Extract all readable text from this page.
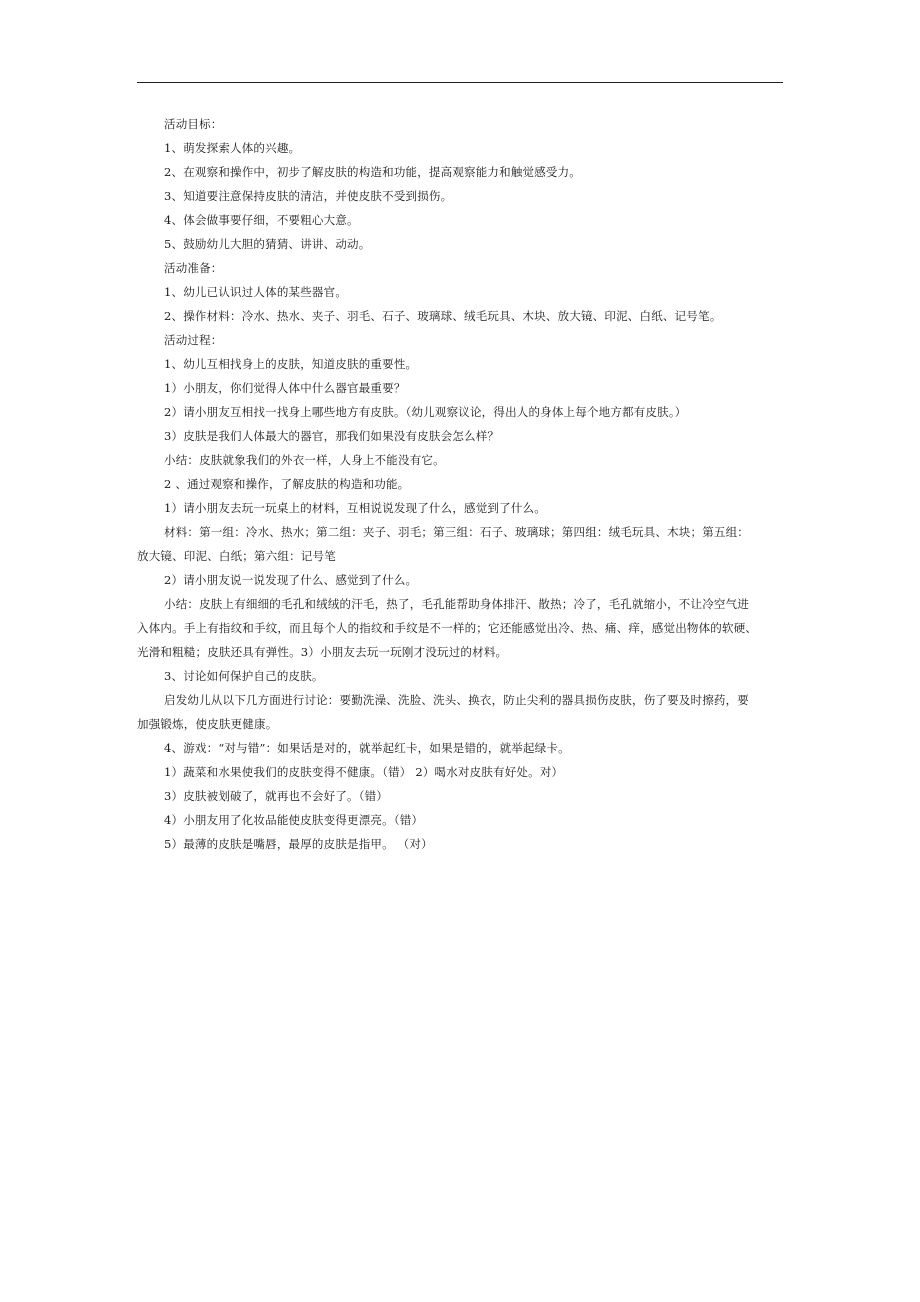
活动目标：
1、萌发探索人体的兴趣。
2、在观察和操作中，初步了解皮肤的构造和功能，提高观察能力和触觉感受力。
3、知道要注意保持皮肤的清洁，并使皮肤不受到损伤。
4、体会做事要仔细，不要粗心大意。
5、鼓励幼儿大胆的猜猜、讲讲、动动。
活动准备：
1、幼儿已认识过人体的某些器官。
2、操作材料：冷水、热水、夹子、羽毛、石子、玻璃球、绒毛玩具、木块、放大镜、印泥、白纸、记号笔。
活动过程：
1、幼儿互相找身上的皮肤，知道皮肤的重要性。
1）小朋友，你们觉得人体中什么器官最重要？
2）请小朋友互相找一找身上哪些地方有皮肤。（幼儿观察议论，得出人的身体上每个地方都有皮肤。）
3）皮肤是我们人体最大的器官，那我们如果没有皮肤会怎么样？
小结：皮肤就象我们的外衣一样，人身上不能没有它。
2 、通过观察和操作，了解皮肤的构造和功能。
1）请小朋友去玩一玩桌上的材料，互相说说发现了什么，感觉到了什么。
材料：第一组：冷水、热水；第二组：夹子、羽毛；第三组：石子、玻璃球；第四组：绒毛玩具、木块；第五组：
放大镜、印泥、白纸；第六组：记号笔
2）请小朋友说一说发现了什么、感觉到了什么。
小结：皮肤上有细细的毛孔和绒绒的汗毛，热了，毛孔能帮助身体排汗、散热；冷了，毛孔就缩小，不让冷空气进
入体内。手上有指纹和手纹，而且每个人的指纹和手纹是不一样的；它还能感觉出冷、热、痛、痒，感觉出物体的软硬、
光滑和粗糙；皮肤还具有弹性。3）小朋友去玩一玩刚才没玩过的材料。
3、讨论如何保护自己的皮肤。
启发幼儿从以下几方面进行讨论：要勤洗澡、洗脸、洗头、换衣，防止尖利的器具损伤皮肤，伤了要及时擦药，要
加强锻炼，使皮肤更健康。
4、游戏：“对与错”：如果话是对的，就举起红卡，如果是错的，就举起绿卡。
1）蔬菜和水果使我们的皮肤变得不健康。（错） 2）喝水对皮肤有好处。对）
3）皮肤被划破了，就再也不会好了。（错）
4）小朋友用了化妆品能使皮肤变得更漂亮。（错）
5）最薄的皮肤是嘴唇，最厚的皮肤是指甲。 （对）
